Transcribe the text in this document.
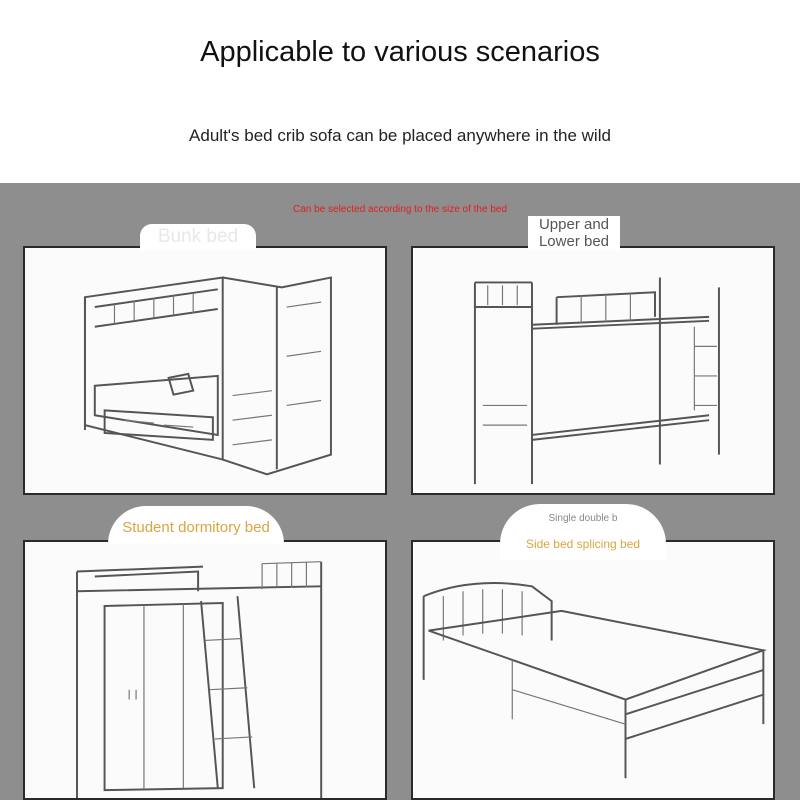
Applicable to various scenarios
Adult's bed crib sofa can be placed anywhere in the wild
Can be selected according to the size of the bed
Bunk bed
Upper and
Lower bed
Student dormitory bed
Single double b
Side bed splicing bed
